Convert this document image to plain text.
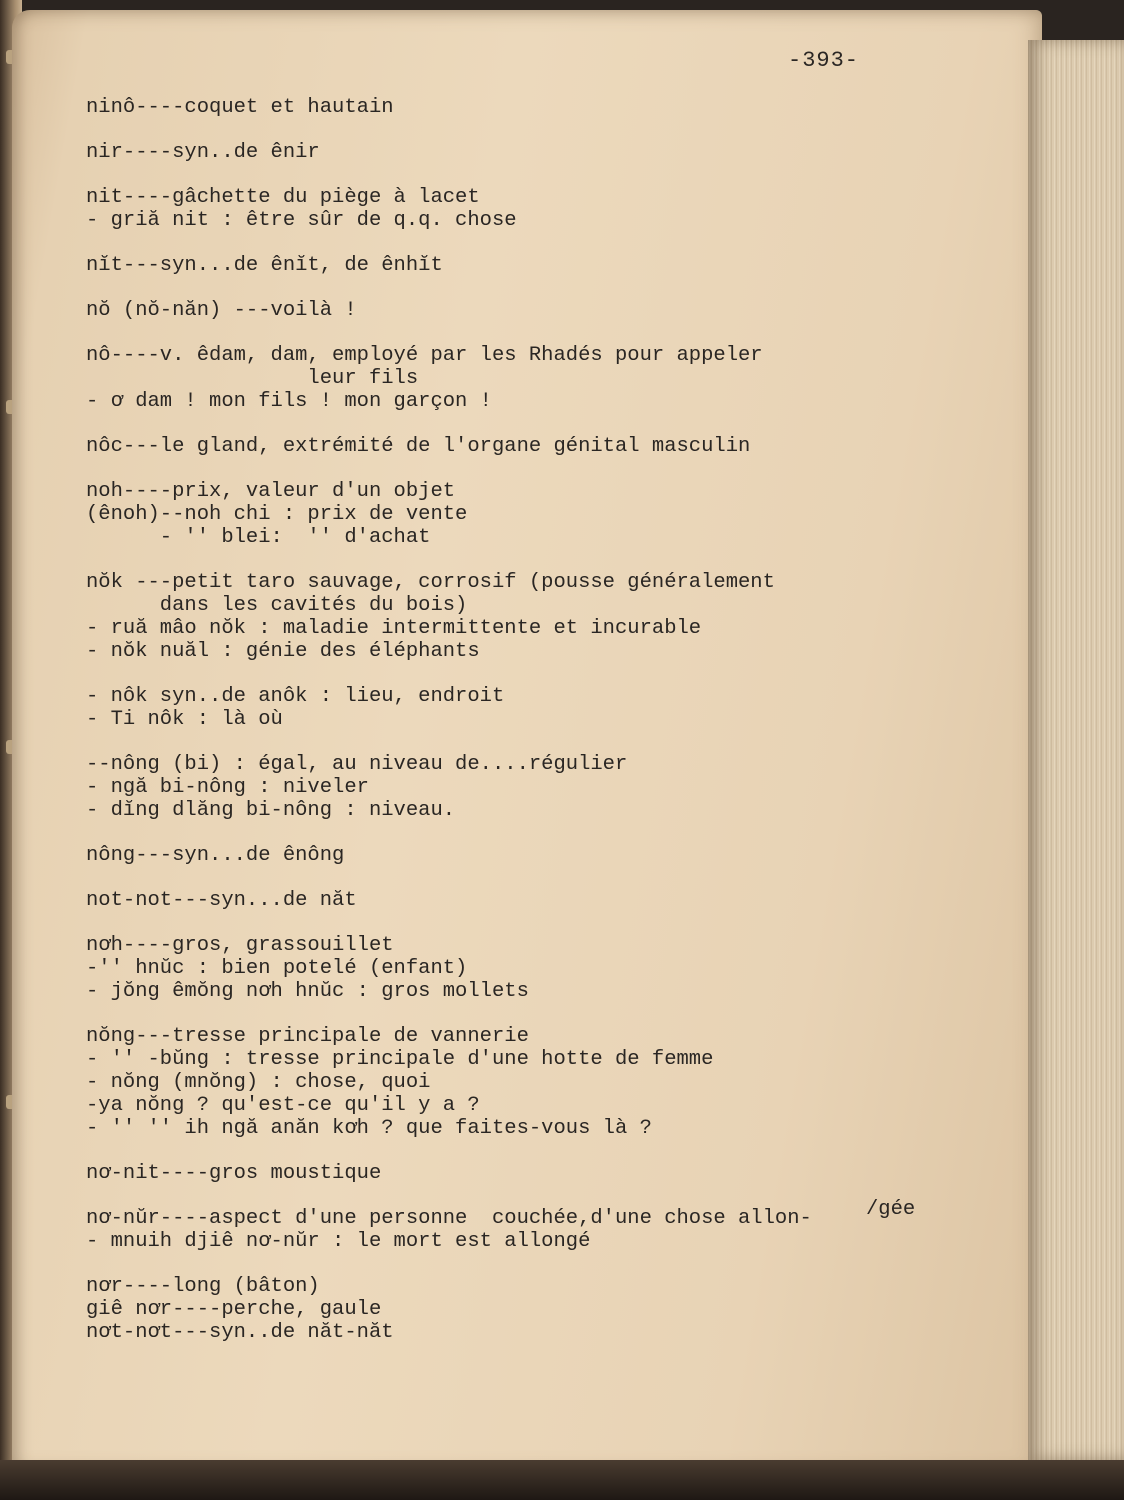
-393-
ninô----coquet et hautain
nir----syn..de ênir
nit----gâchette du piège à lacet
- griă nit : être sûr de q.q. chose
nĭt---syn...de ênĭt, de ênhĭt
nŏ (nŏ-năn) ---voilà !
nô----v. êdam, dam, employé par les Rhadés pour appeler
leur fils
- ơ dam ! mon fils ! mon garçon !
nôc---le gland, extrémité de l'organe génital masculin
noh----prix, valeur d'un objet
(ênoh)--noh chi : prix de vente
- '' blei:  '' d'achat
nŏk ---petit taro sauvage, corrosif (pousse généralement
dans les cavités du bois)
- ruă mâo nŏk : maladie intermittente et incurable
- nŏk nuăl : génie des éléphants
- nôk syn..de anôk : lieu, endroit
- Ti nôk : là où
--nông (bi) : égal, au niveau de....régulier
- ngă bi-nông : niveler
- dĭng dlăng bi-nông : niveau.
nông---syn...de ênông
not-not---syn...de năt
nơh----gros, grassouillet
-'' hnŭc : bien potelé (enfant)
- jŏng êmŏng nơh hnŭc : gros mollets
nŏng---tresse principale de vannerie
- '' -bŭng : tresse principale d'une hotte de femme
- nŏng (mnŏng) : chose, quoi
-ya nŏng ? qu'est-ce qu'il y a ?
- '' '' ih ngă anăn kơh ? que faites-vous là ?
nơ-nit----gros moustique
nơ-nŭr----aspect d'une personne  couchée,d'une chose allon-
- mnuih djiê nơ-nŭr : le mort est allongé
nơr----long (bâton)
giê nơr----perche, gaule
nơt-nơt---syn..de năt-năt
/gée
